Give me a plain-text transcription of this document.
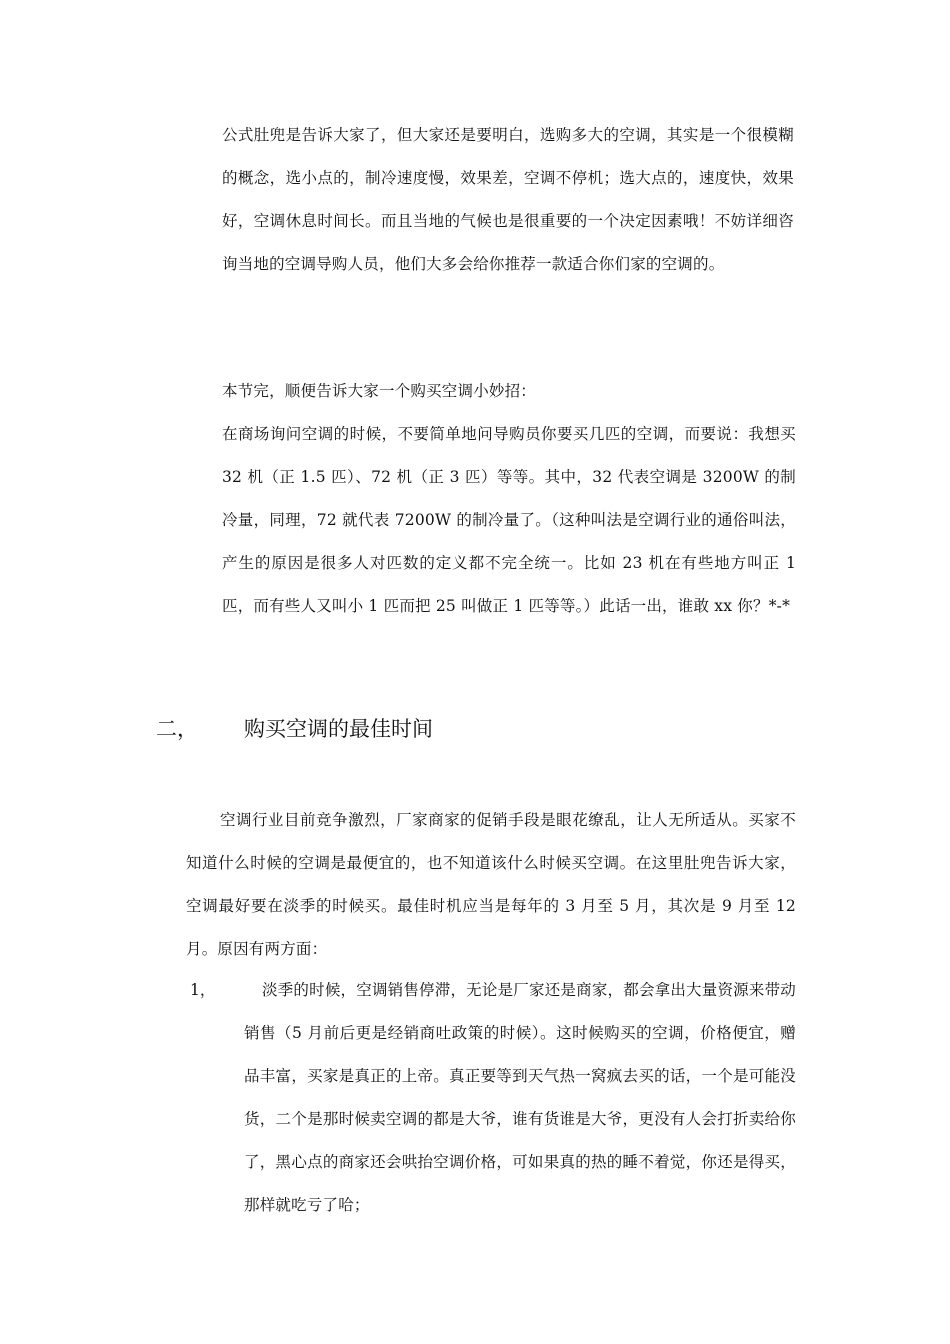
公式肚兜是告诉大家了，但大家还是要明白，选购多大的空调，其实是一个很模糊的概念，选小点的，制冷速度慢，效果差，空调不停机；选大点的，速度快，效果好，空调休息时间长。而且当地的气候也是很重要的一个决定因素哦！不妨详细咨询当地的空调导购人员，他们大多会给你推荐一款适合你们家的空调的。

本节完，顺便告诉大家一个购买空调小妙招：

在商场询问空调的时候，不要简单地问导购员你要买几匹的空调，而要说：我想买 32 机（正 1.5 匹）、72 机（正 3 匹）等等。其中，32 代表空调是 3200W 的制冷量，同理，72 就代表 7200W 的制冷量了。（这种叫法是空调行业的通俗叫法，产生的原因是很多人对匹数的定义都不完全统一。比如 23 机在有些地方叫正 1 匹，而有些人又叫小 1 匹而把 25 叫做正 1 匹等等。）此话一出，谁敢 xx 你？*-*

二， 购买空调的最佳时间

空调行业目前竞争激烈，厂家商家的促销手段是眼花缭乱，让人无所适从。买家不知道什么时候的空调是最便宜的，也不知道该什么时候买空调。在这里肚兜告诉大家，空调最好要在淡季的时候买。最佳时机应当是每年的 3 月至 5 月，其次是 9 月至 12 月。原因有两方面：

1，	淡季的时候，空调销售停滞，无论是厂家还是商家，都会拿出大量资源来带动销售（5 月前后更是经销商吐政策的时候）。这时候购买的空调，价格便宜，赠品丰富，买家是真正的上帝。真正要等到天气热一窝疯去买的话，一个是可能没货，二个是那时候卖空调的都是大爷，谁有货谁是大爷，更没有人会打折卖给你了，黑心点的商家还会哄抬空调价格，可如果真的热的睡不着觉，你还是得买，那样就吃亏了哈；
